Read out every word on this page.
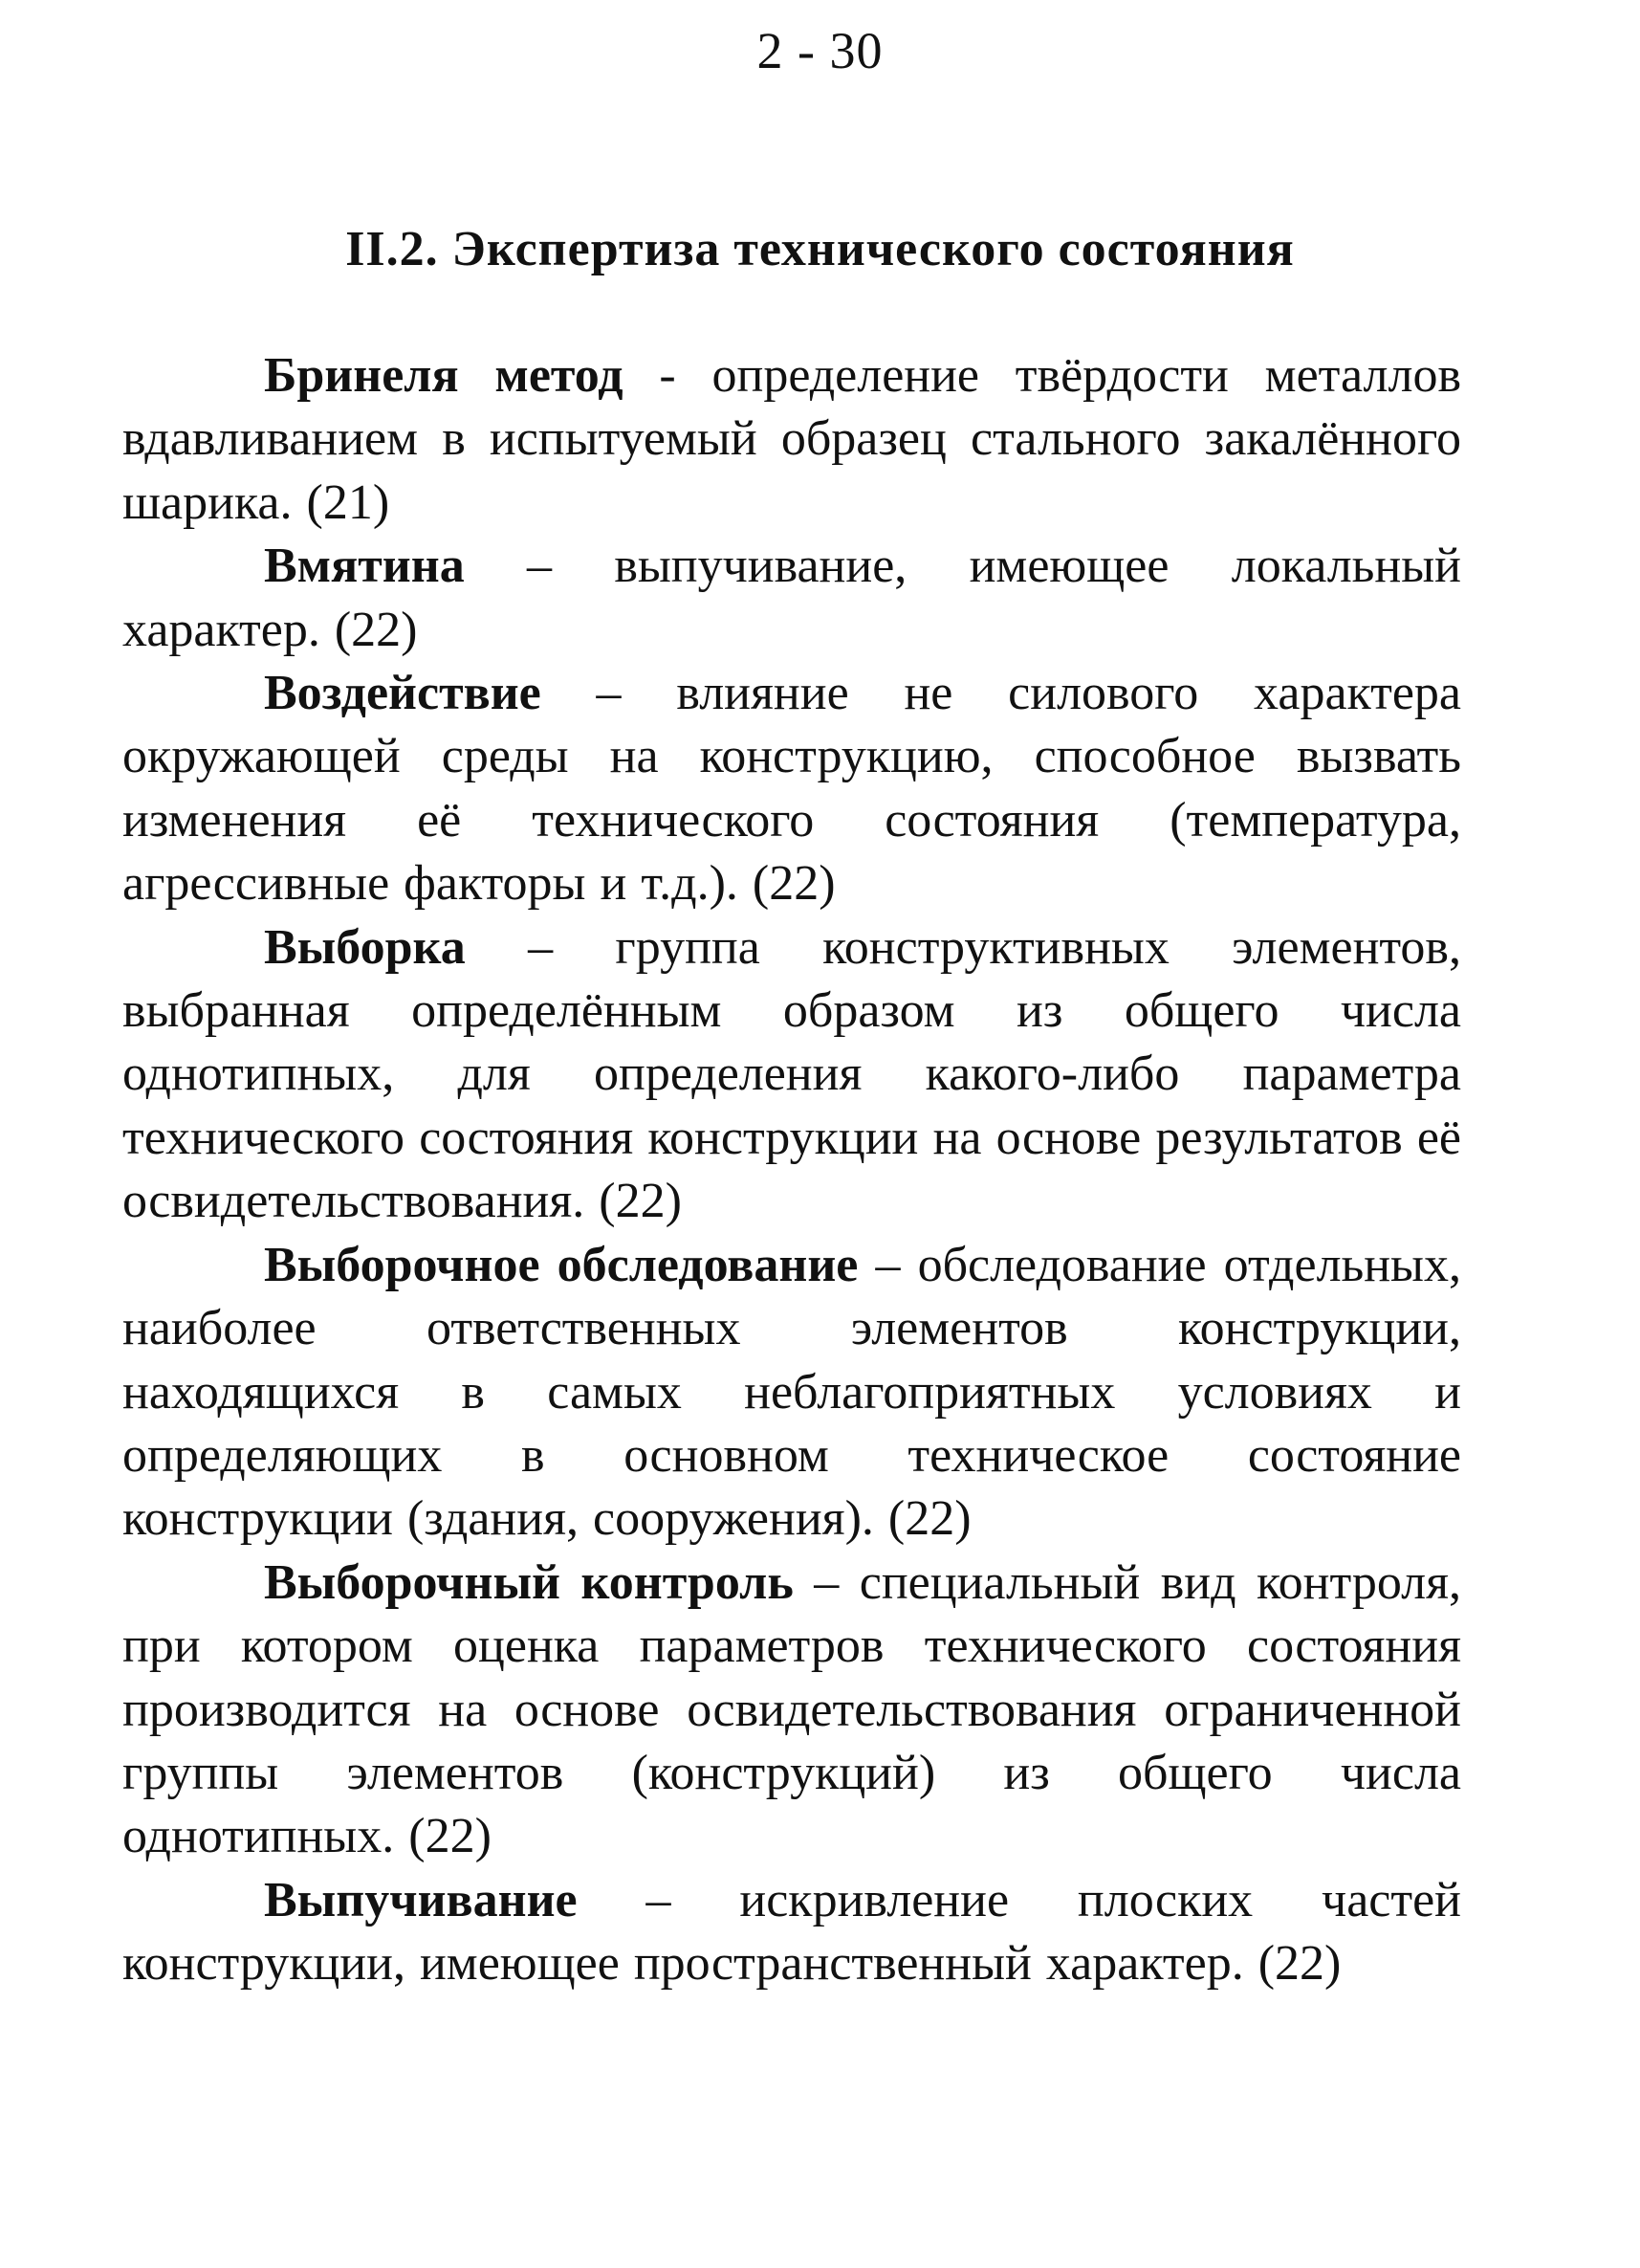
2 - 30
II.2. Экспертиза технического состояния

Бринеля метод - определение твёрдости металлов вдавливанием в испытуемый образец стального закалённого шарика. (21)

Вмятина – выпучивание, имеющее локальный характер. (22)

Воздействие – влияние не силового характера окружающей среды на конструкцию, способное вызвать изменения её технического состояния (температура, агрессивные факторы и т.д.). (22)

Выборка – группа конструктивных элементов, выбранная определённым образом из общего числа однотипных, для определения какого-либо параметра технического состояния конструкции на основе результатов её освидетельствования. (22)

Выборочное обследование – обследование отдельных, наиболее ответственных элементов конструкции, находящихся в самых неблагоприятных условиях и определяющих в основном техническое состояние конструкции (здания, сооружения). (22)

Выборочный контроль – специальный вид контроля, при котором оценка параметров технического состояния производится на основе освидетельствования ограниченной группы элементов (конструкций) из общего числа однотипных. (22)

Выпучивание – искривление плоских частей конструкции, имеющее пространственный характер. (22)
